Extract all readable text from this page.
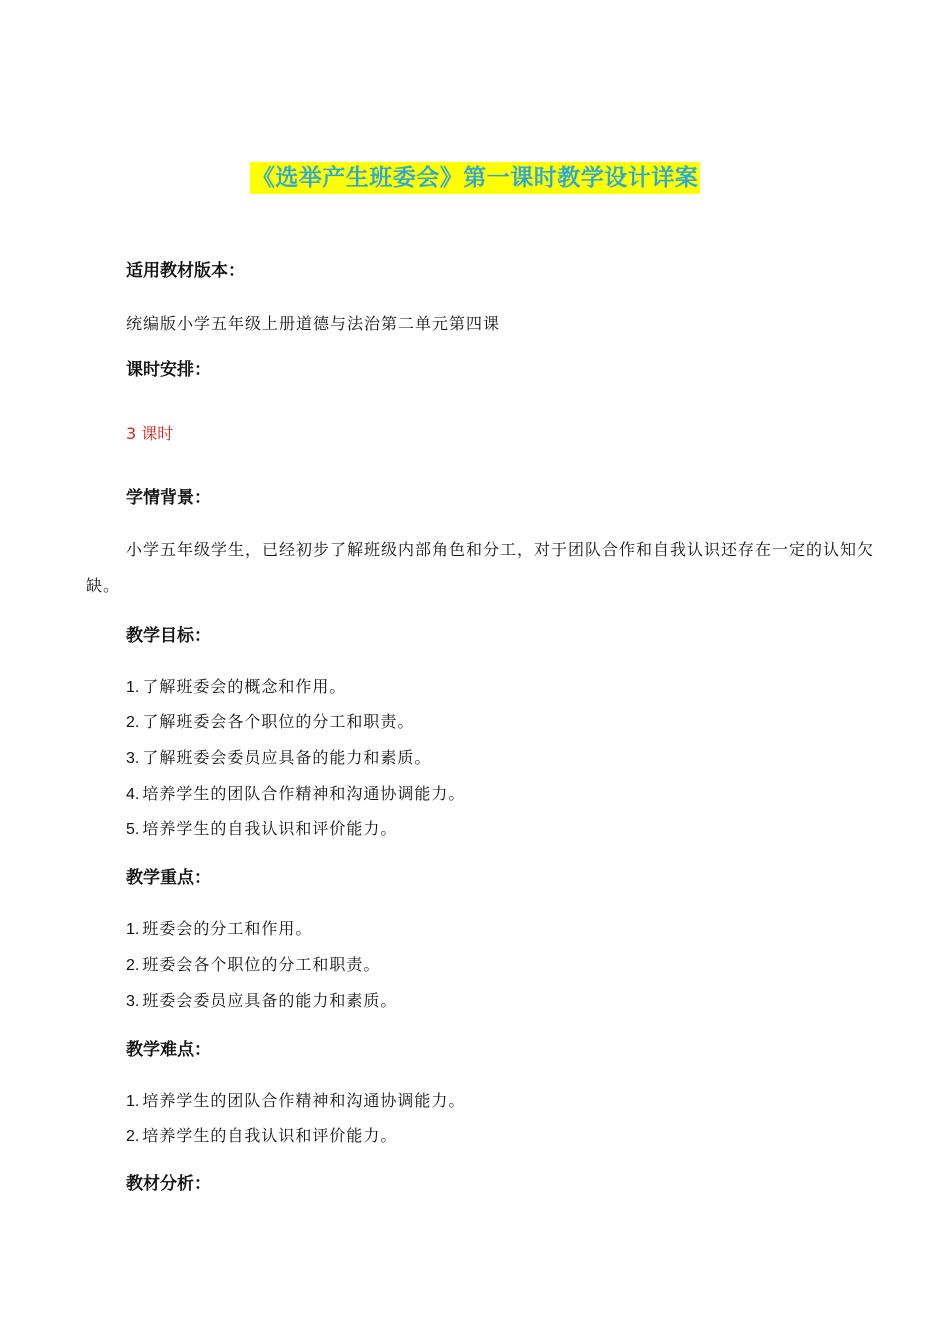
《选举产生班委会》第一课时教学设计详案
适用教材版本：
统编版小学五年级上册道德与法治第二单元第四课
课时安排：
3 课时
学情背景：
小学五年级学生，已经初步了解班级内部角色和分工，对于团队合作和自我认识还存在一定的认知欠缺。
教学目标：
1. 了解班委会的概念和作用。
2. 了解班委会各个职位的分工和职责。
3. 了解班委会委员应具备的能力和素质。
4. 培养学生的团队合作精神和沟通协调能力。
5. 培养学生的自我认识和评价能力。
教学重点：
1. 班委会的分工和作用。
2. 班委会各个职位的分工和职责。
3. 班委会委员应具备的能力和素质。
教学难点：
1. 培养学生的团队合作精神和沟通协调能力。
2. 培养学生的自我认识和评价能力。
教材分析：
